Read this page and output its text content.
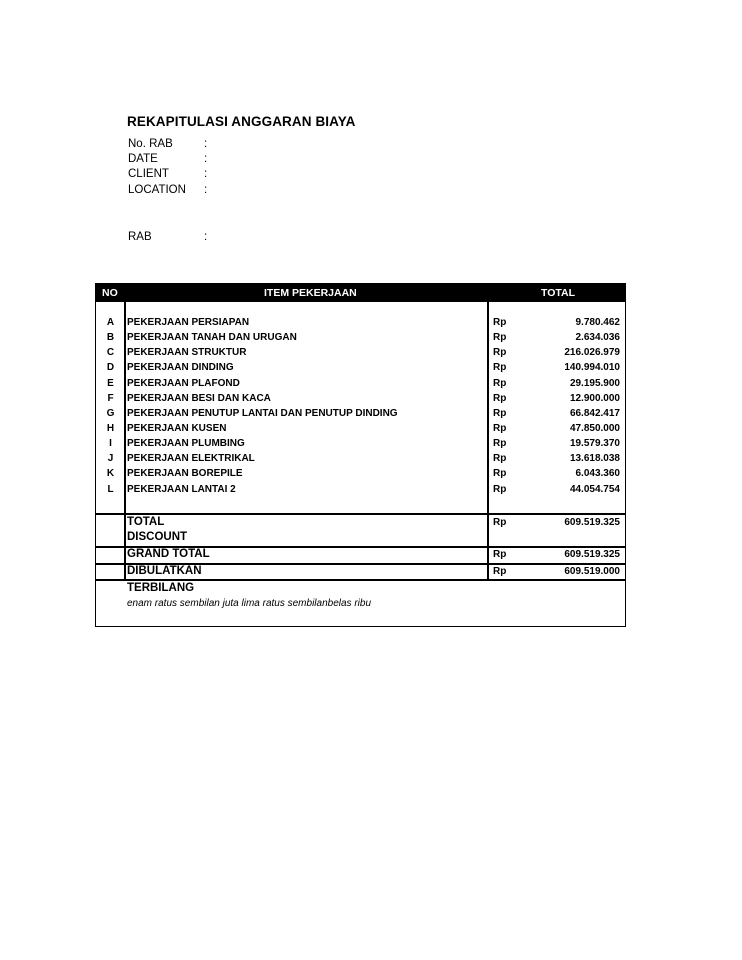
REKAPITULASI ANGGARAN BIAYA
No. RAB	:
DATE	:
CLIENT	:
LOCATION :
RAB	:
NO	ITEM PEKERJAAN	TOTAL
A	PEKERJAAN PERSIAPAN	Rp	9.780.462
B	PEKERJAAN TANAH DAN URUGAN	Rp	2.634.036
C	PEKERJAAN STRUKTUR	Rp	216.026.979
D	PEKERJAAN DINDING	Rp	140.994.010
E	PEKERJAAN PLAFOND	Rp	29.195.900
F	PEKERJAAN BESI DAN KACA	Rp	12.900.000
G	PEKERJAAN PENUTUP LANTAI DAN PENUTUP DINDING	Rp	66.842.417
H	PEKERJAAN KUSEN	Rp	47.850.000
I	PEKERJAAN PLUMBING	Rp	19.579.370
J	PEKERJAAN ELEKTRIKAL	Rp	13.618.038
K	PEKERJAAN BOREPILE	Rp	6.043.360
L	PEKERJAAN LANTAI 2	Rp	44.054.754
TOTAL	Rp	609.519.325
DISCOUNT
GRAND TOTAL	Rp	609.519.325
DIBULATKAN	Rp	609.519.000
TERBILANG
enam ratus sembilan juta lima ratus sembilanbelas ribu
